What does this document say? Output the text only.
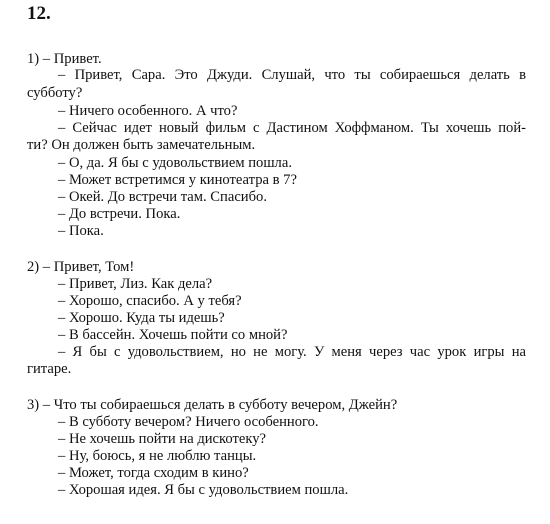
12.
1) – Привет.
– Привет, Сара. Это Джуди. Слушай, что ты собираешься делать в
субботу?
– Ничего особенного. А что?
– Сейчас идет новый фильм с Дастином Хоффманом. Ты хочешь пой-
ти? Он должен быть замечательным.
– О, да. Я бы с удовольствием пошла.
– Может встретимся у кинотеатра в 7?
– Окей. До встречи там. Спасибо.
– До встречи. Пока.
– Пока.
2) – Привет, Том!
– Привет, Лиз. Как дела?
– Хорошо, спасибо. А у тебя?
– Хорошо. Куда ты идешь?
– В бассейн. Хочешь пойти со мной?
– Я бы с удовольствием, но не могу. У меня через час урок игры на
гитаре.
3) – Что ты собираешься делать в субботу вечером, Джейн?
– В субботу вечером? Ничего особенного.
– Не хочешь пойти на дискотеку?
– Ну, боюсь, я не люблю танцы.
– Может, тогда сходим в кино?
– Хорошая идея. Я бы с удовольствием пошла.
